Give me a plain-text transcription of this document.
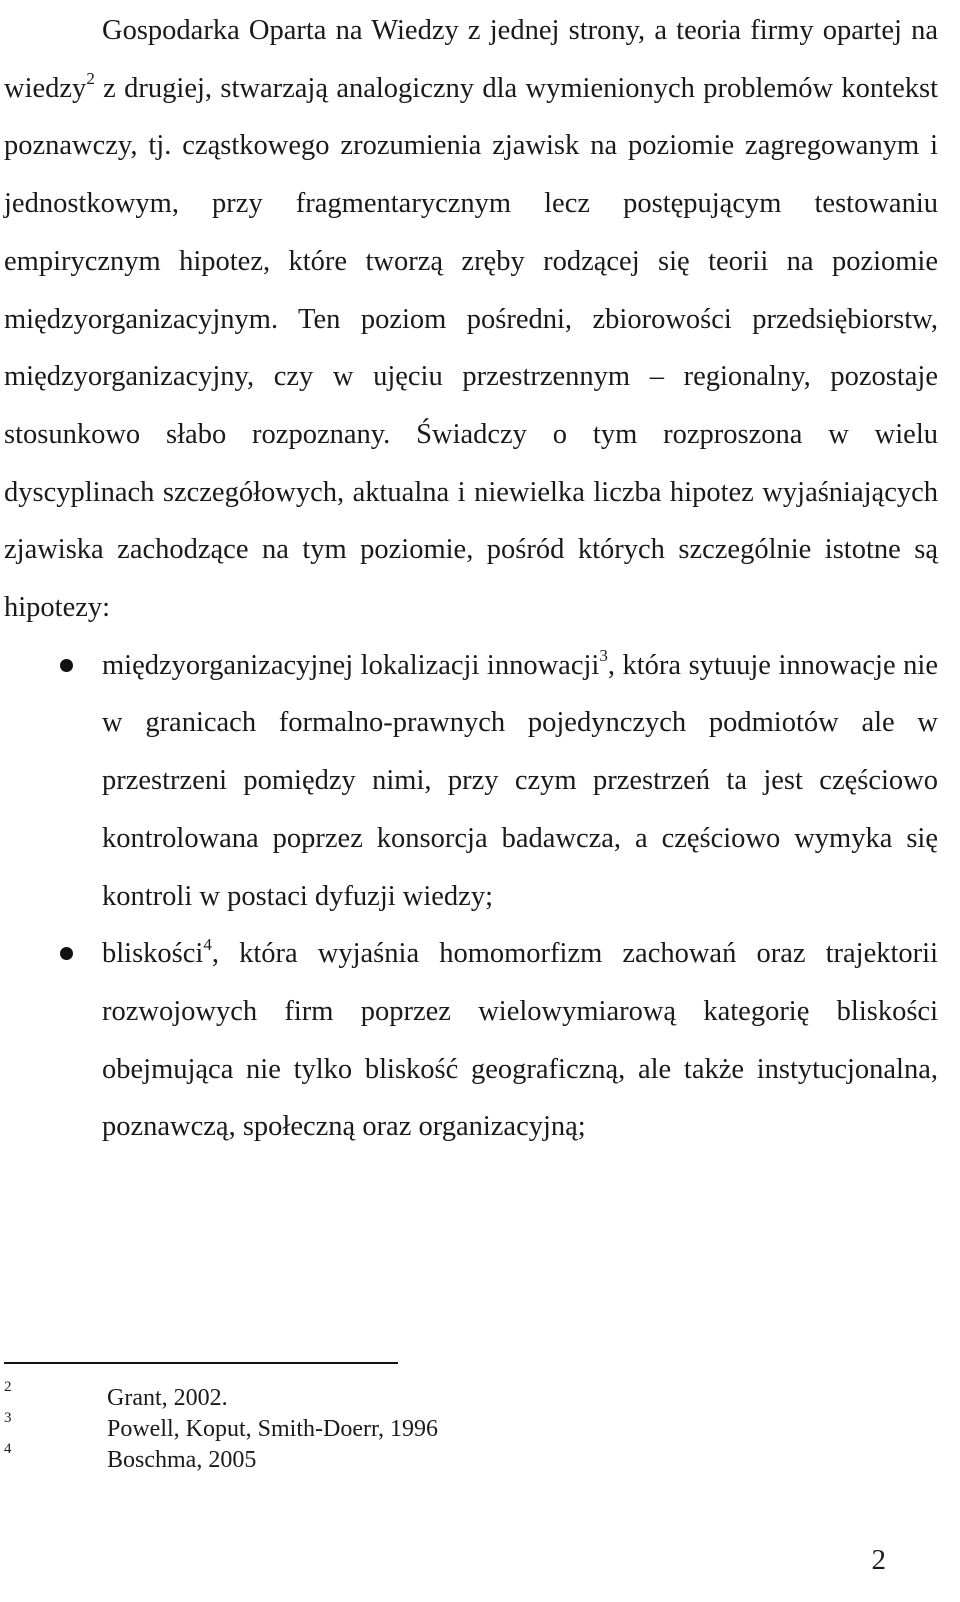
Gospodarka Oparta na Wiedzy z jednej strony, a teoria firmy opartej na wiedzy$^2$ z drugiej, stwarzają analogiczny dla wymienionych problemów kontekst poznawczy, tj. cząstkowego zrozumienia zjawisk na poziomie zagregowanym i jednostkowym, przy fragmentarycznym lecz postępującym testowaniu empirycznym hipotez, które tworzą zręby rodzącej się teorii na poziomie międzyorganizacyjnym. Ten poziom pośredni, zbiorowości przedsiębiorstw, międzyorganizacyjny, czy w ujęciu przestrzennym – regionalny, pozostaje stosunkowo słabo rozpoznany. Świadczy o tym rozproszona w wielu dyscyplinach szczegółowych, aktualna i niewielka liczba hipotez wyjaśniających zjawiska zachodzące na tym poziomie, pośród których szczególnie istotne są hipotezy:

międzyorganizacyjnej lokalizacji innowacji$^3$, która sytuuje innowacje nie w granicach formalno-prawnych pojedynczych podmiotów ale w przestrzeni pomiędzy nimi, przy czym przestrzeń ta jest częściowo kontrolowana poprzez konsorcja badawcza, a częściowo wymyka się kontroli w postaci dyfuzji wiedzy;
bliskości$^4$, która wyjaśnia homomorfizm zachowań oraz trajektorii rozwojowych firm poprzez wielowymiarową kategorię bliskości obejmująca nie tylko bliskość geograficzną, ale także instytucjonalna, poznawczą, społeczną oraz organizacyjną;
2	Grant, 2002.
3	Powell, Koput, Smith-Doerr, 1996
4	Boschma, 2005
2
